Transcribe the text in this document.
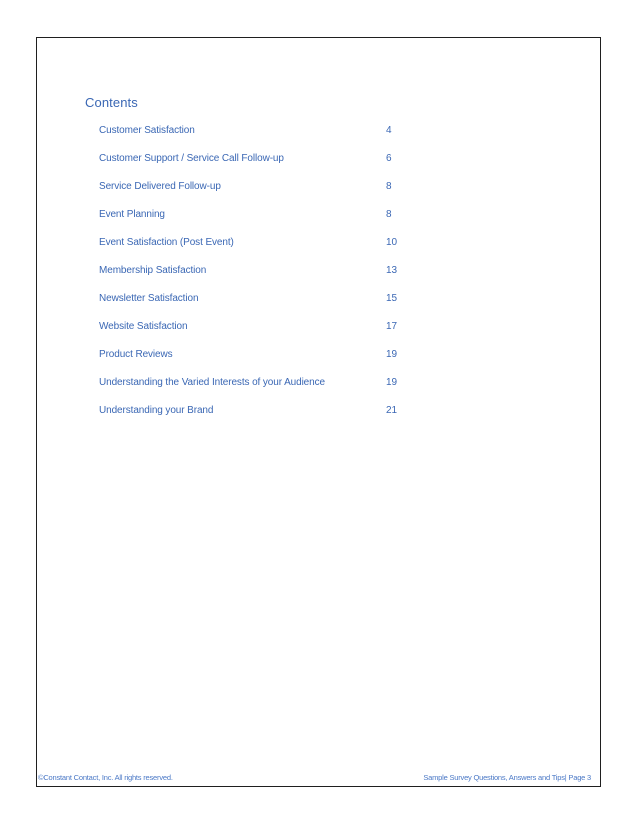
Contents
Customer Satisfaction	4
Customer Support / Service Call Follow-up	6
Service Delivered Follow-up	8
Event Planning	8
Event Satisfaction (Post Event)	10
Membership Satisfaction	13
Newsletter Satisfaction	15
Website Satisfaction	17
Product Reviews	19
Understanding the Varied Interests of your Audience	19
Understanding your Brand	21
©Constant Contact, Inc. All rights reserved.	Sample Survey Questions, Answers and Tips| Page 3
